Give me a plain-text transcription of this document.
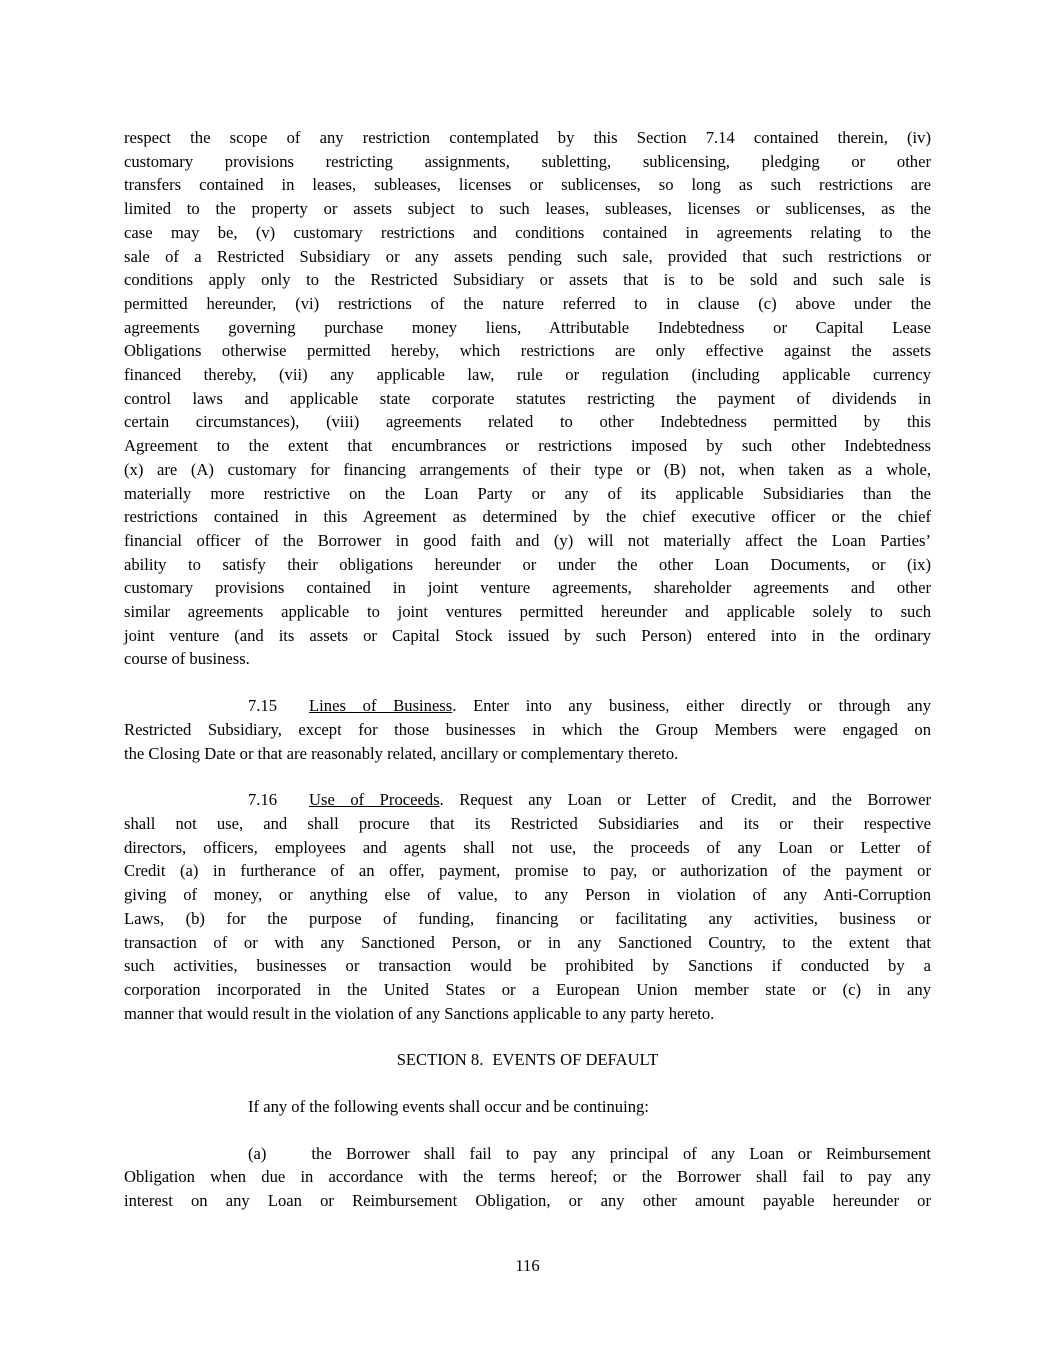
respect the scope of any restriction contemplated by this Section 7.14 contained therein, (iv)
customary provisions restricting assignments, subletting, sublicensing, pledging or other
transfers contained in leases, subleases, licenses or sublicenses, so long as such restrictions are
limited to the property or assets subject to such leases, subleases, licenses or sublicenses, as the
case may be, (v) customary restrictions and conditions contained in agreements relating to the
sale of a Restricted Subsidiary or any assets pending such sale, provided that such restrictions or
conditions apply only to the Restricted Subsidiary or assets that is to be sold and such sale is
permitted hereunder, (vi) restrictions of the nature referred to in clause (c) above under the
agreements governing purchase money liens, Attributable Indebtedness or Capital Lease
Obligations otherwise permitted hereby, which restrictions are only effective against the assets
financed thereby, (vii) any applicable law, rule or regulation (including applicable currency
control laws and applicable state corporate statutes restricting the payment of dividends in
certain circumstances), (viii) agreements related to other Indebtedness permitted by this
Agreement to the extent that encumbrances or restrictions imposed by such other Indebtedness
(x) are (A) customary for financing arrangements of their type or (B) not, when taken as a whole,
materially more restrictive on the Loan Party or any of its applicable Subsidiaries than the
restrictions contained in this Agreement as determined by the chief executive officer or the chief
financial officer of the Borrower in good faith and (y) will not materially affect the Loan Parties’
ability to satisfy their obligations hereunder or under the other Loan Documents, or (ix)
customary provisions contained in joint venture agreements, shareholder agreements and other
similar agreements applicable to joint ventures permitted hereunder and applicable solely to such
joint venture (and its assets or Capital Stock issued by such Person) entered into in the ordinary
course of business.
7.15 Lines of Business. Enter into any business, either directly or through any
Restricted Subsidiary, except for those businesses in which the Group Members were engaged on
the Closing Date or that are reasonably related, ancillary or complementary thereto.
7.16 Use of Proceeds. Request any Loan or Letter of Credit, and the Borrower
shall not use, and shall procure that its Restricted Subsidiaries and its or their respective
directors, officers, employees and agents shall not use, the proceeds of any Loan or Letter of
Credit (a) in furtherance of an offer, payment, promise to pay, or authorization of the payment or
giving of money, or anything else of value, to any Person in violation of any Anti-Corruption
Laws, (b) for the purpose of funding, financing or facilitating any activities, business or
transaction of or with any Sanctioned Person, or in any Sanctioned Country, to the extent that
such activities, businesses or transaction would be prohibited by Sanctions if conducted by a
corporation incorporated in the United States or a European Union member state or (c) in any
manner that would result in the violation of any Sanctions applicable to any party hereto.
SECTION 8. EVENTS OF DEFAULT
If any of the following events shall occur and be continuing:
(a)	the Borrower shall fail to pay any principal of any Loan or Reimbursement
Obligation when due in accordance with the terms hereof; or the Borrower shall fail to pay any
interest on any Loan or Reimbursement Obligation, or any other amount payable hereunder or
116
